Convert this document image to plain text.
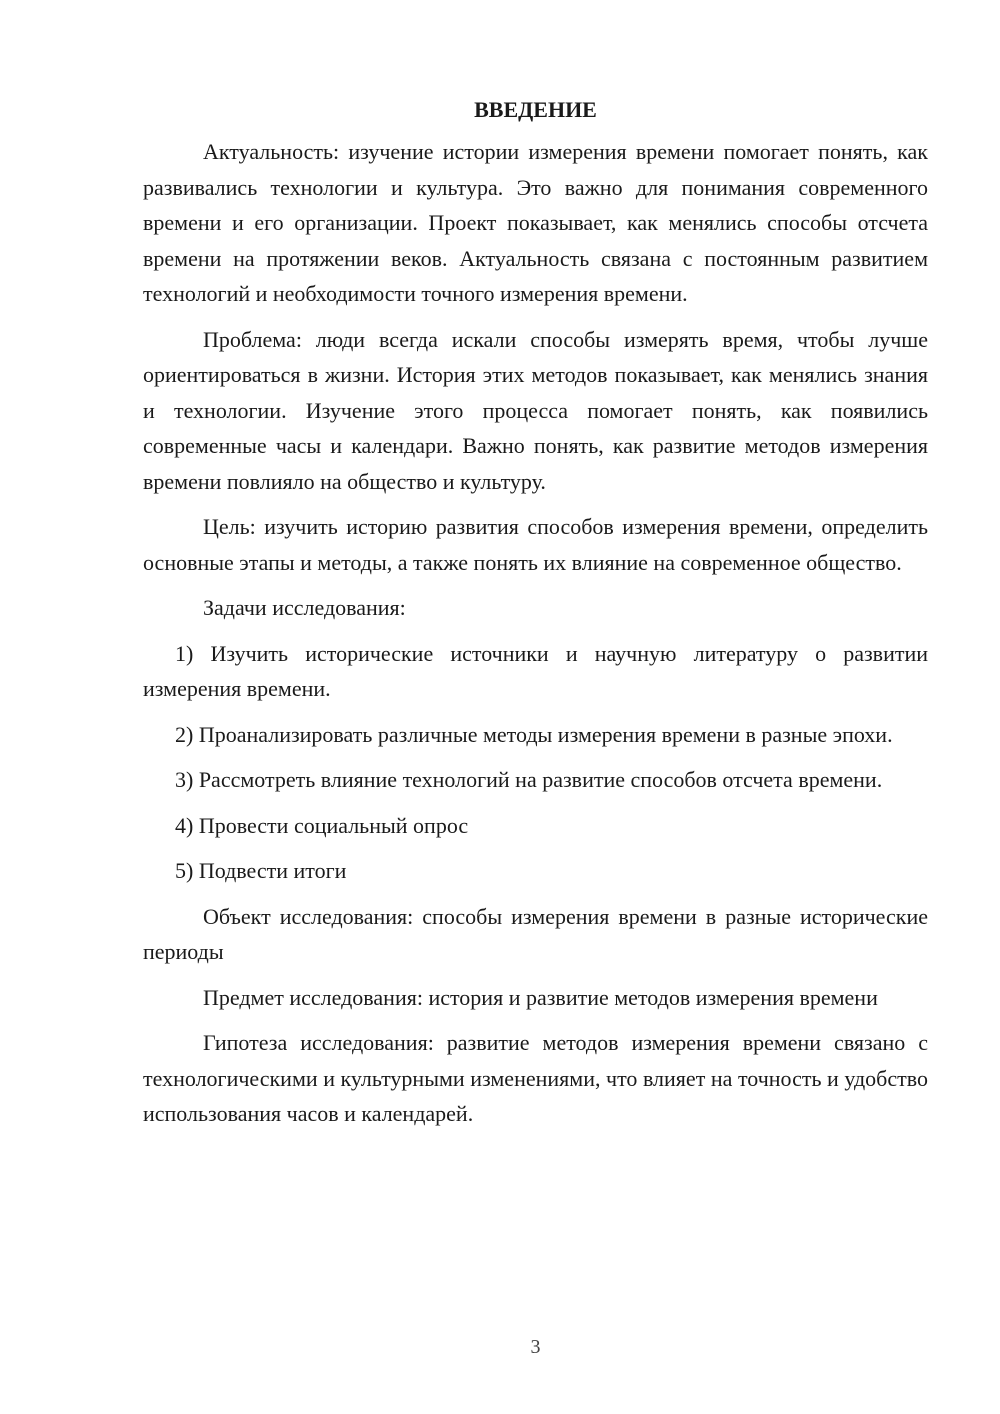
ВВЕДЕНИЕ

Актуальность: изучение истории измерения времени помогает понять, как развивались технологии и культура. Это важно для понимания современного времени и его организации. Проект показывает, как менялись способы отсчета времени на протяжении веков. Актуальность связана с постоянным развитием технологий и необходимости точного измерения времени.

Проблема: люди всегда искали способы измерять время, чтобы лучше ориентироваться в жизни. История этих методов показывает, как менялись знания и технологии. Изучение этого процесса помогает понять, как появились современные часы и календари. Важно понять, как развитие методов измерения времени повлияло на общество и культуру.

Цель: изучить историю развития способов измерения времени, определить основные этапы и методы, а также понять их влияние на современное общество.

Задачи исследования:

1) Изучить исторические источники и научную литературу о развитии измерения времени.

2) Проанализировать различные методы измерения времени в разные эпохи.

3) Рассмотреть влияние технологий на развитие способов отсчета времени.

4) Провести социальный опрос

5) Подвести итоги

Объект исследования: способы измерения времени в разные исторические периоды

Предмет исследования: история и развитие методов измерения времени

Гипотеза исследования: развитие методов измерения времени связано с технологическими и культурными изменениями, что влияет на точность и удобство использования часов и календарей.

3
